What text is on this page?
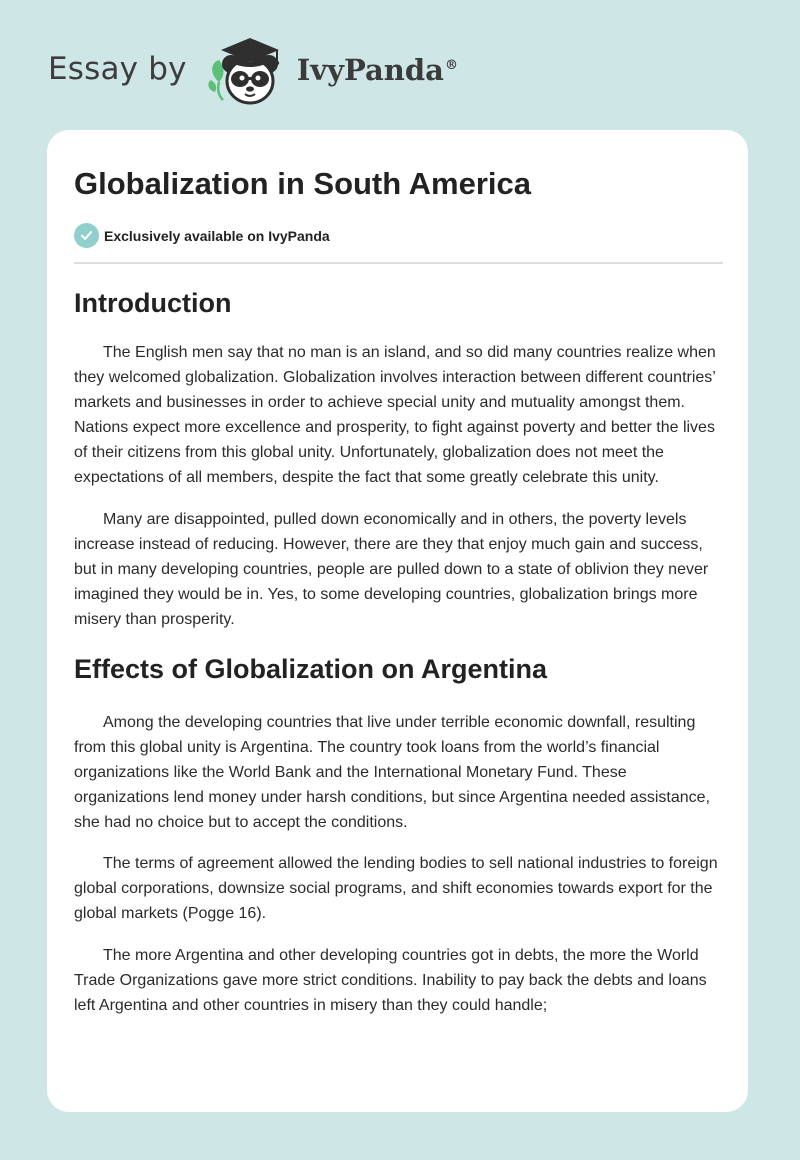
Essay by	IvyPanda®
Globalization in South America
Exclusively available on IvyPanda
Introduction

The English men say that no man is an island, and so did many countries realize when they welcomed globalization. Globalization involves interaction between different countries’ markets and businesses in order to achieve special unity and mutuality amongst them. Nations expect more excellence and prosperity, to fight against poverty and better the lives of their citizens from this global unity. Unfortunately, globalization does not meet the expectations of all members, despite the fact that some greatly celebrate this unity.

Many are disappointed, pulled down economically and in others, the poverty levels increase instead of reducing. However, there are they that enjoy much gain and success, but in many developing countries, people are pulled down to a state of oblivion they never imagined they would be in. Yes, to some developing countries, globalization brings more misery than prosperity.

Effects of Globalization on Argentina

Among the developing countries that live under terrible economic downfall, resulting from this global unity is Argentina. The country took loans from the world’s financial organizations like the World Bank and the International Monetary Fund. These organizations lend money under harsh conditions, but since Argentina needed assistance, she had no choice but to accept the conditions.

The terms of agreement allowed the lending bodies to sell national industries to foreign global corporations, downsize social programs, and shift economies towards export for the global markets (Pogge 16).

The more Argentina and other developing countries got in debts, the more the World Trade Organizations gave more strict conditions. Inability to pay back the debts and loans left Argentina and other countries in misery than they could handle;
